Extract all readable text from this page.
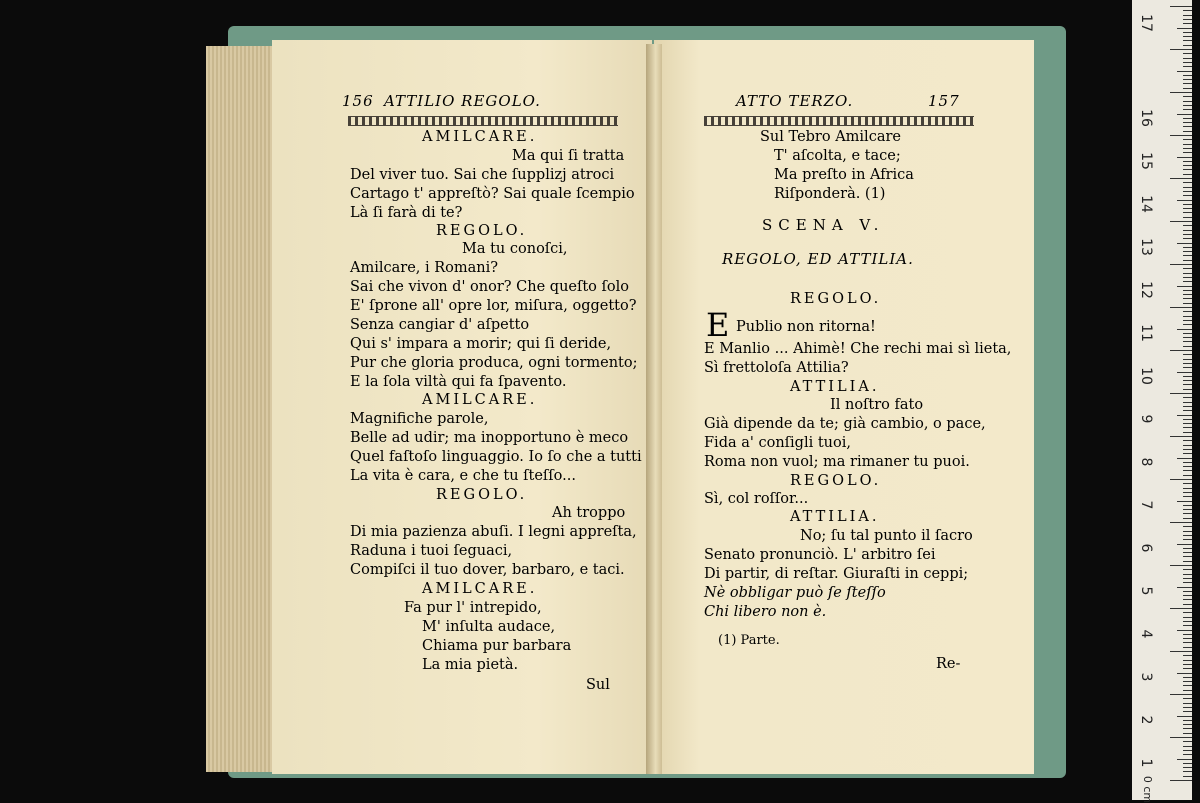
156 ATTILIO REGOLO.
AMILCARE.
Ma qui ſi tratta
Del viver tuo. Sai che ſupplizj atroci
Cartago t' appreſtò? Sai quale ſcempio
Là ſi farà di te?
REGOLO.
Ma tu conoſci,
Amilcare, i Romani?
Sai che vivon d' onor? Che queſto ſolo
E' ſprone all' opre lor, miſura, oggetto?
Senza cangiar d' aſpetto
Qui s' impara a morir; qui ſi deride,
Pur che gloria produca, ogni tormento;
E la ſola viltà qui fa ſpavento.
AMILCARE.
Magnifiche parole,
Belle ad udir; ma inopportuno è meco
Quel faſtoſo linguaggio. Io ſo che a tutti
La vita è cara, e che tu ſteſſo...
REGOLO.
Ah troppo
Di mia pazienza abuſi. I legni appreſta,
Raduna i tuoi ſeguaci,
Compiſci il tuo dover, barbaro, e taci.
AMILCARE.
Fa pur l' intrepido,
M' inſulta audace,
Chiama pur barbara
La mia pietà.
Sul
ATTO TERZO.	157
Sul Tebro Amilcare
T' aſcolta, e tace;
Ma preſto in Africa
Riſponderà. (1)
SCENA V.
REGOLO, ED ATTILIA.
REGOLO.
E Publio non ritorna!
E Manlio ... Ahimè! Che rechi mai sì lieta,
Sì frettoloſa Attilia?
ATTILIA.
Il noſtro fato
Già dipende da te; già cambio, o pace,
Fida a' conſigli tuoi,
Roma non vuol; ma rimaner tu puoi.
REGOLO.
Sì, col roſſor...
ATTILIA.
No; ſu tal punto il ſacro
Senato pronunciò. L' arbitro ſei
Di partir, di reſtar. Giuraſti in ceppi;
Nè obbligar può ſe ſteſſo
Chi libero non è.
(1) Parte.
Re-
0 cm
1
2
3
4
5
6
7
8
9
10
11
12
13
14
15
16
17
